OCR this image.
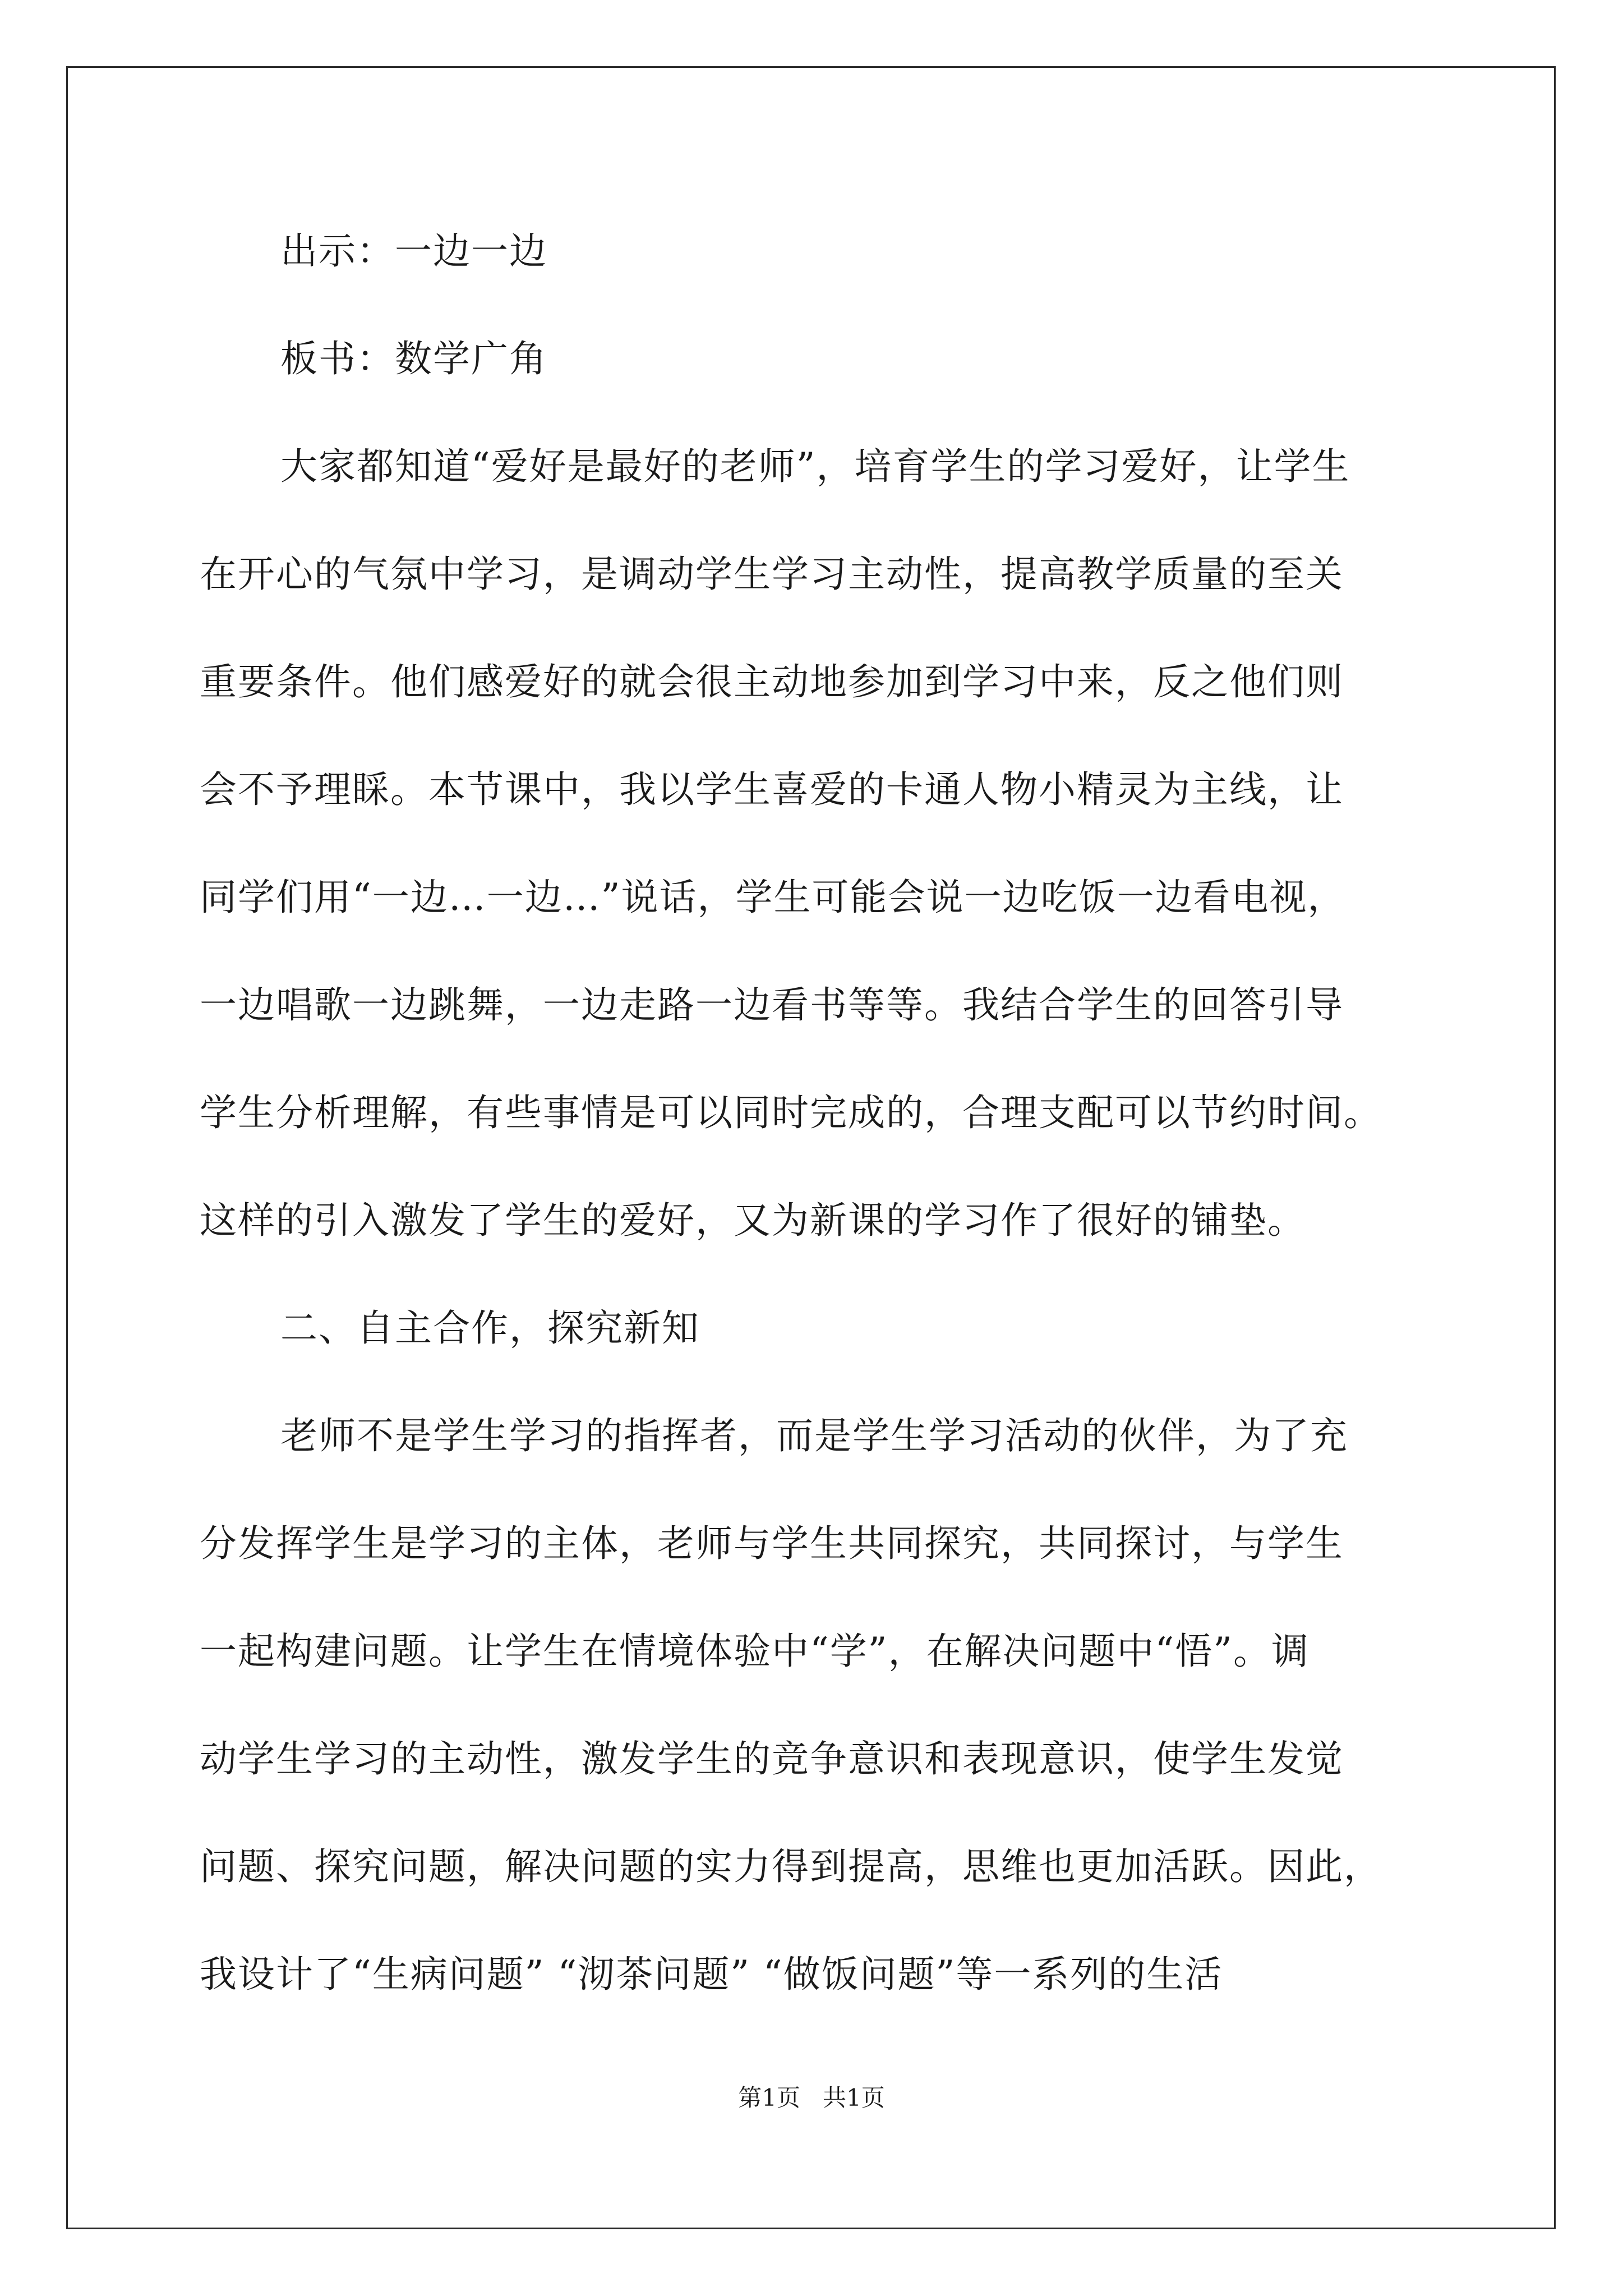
出示：一边一边
板书：数学广角
大家都知道“爱好是最好的老师”，培育学生的学习爱好，让学生
在开心的气氛中学习，是调动学生学习主动性，提高教学质量的至关
重要条件。他们感爱好的就会很主动地参加到学习中来，反之他们则
会不予理睬。本节课中，我以学生喜爱的卡通人物小精灵为主线，让
同学们用“一边…一边…”说话，学生可能会说一边吃饭一边看电视，
一边唱歌一边跳舞，一边走路一边看书等等。我结合学生的回答引导
学生分析理解，有些事情是可以同时完成的，合理支配可以节约时间。
这样的引入激发了学生的爱好，又为新课的学习作了很好的铺垫。
二、自主合作，探究新知
老师不是学生学习的指挥者，而是学生学习活动的伙伴，为了充
分发挥学生是学习的主体，老师与学生共同探究，共同探讨，与学生
一起构建问题。让学生在情境体验中“学”，在解决问题中“悟”。调
动学生学习的主动性，激发学生的竞争意识和表现意识，使学生发觉
问题、探究问题，解决问题的实力得到提高，思维也更加活跃。因此，
我设计了“生病问题” “沏茶问题” “做饭问题”等一系列的生活
第1页   共1页
